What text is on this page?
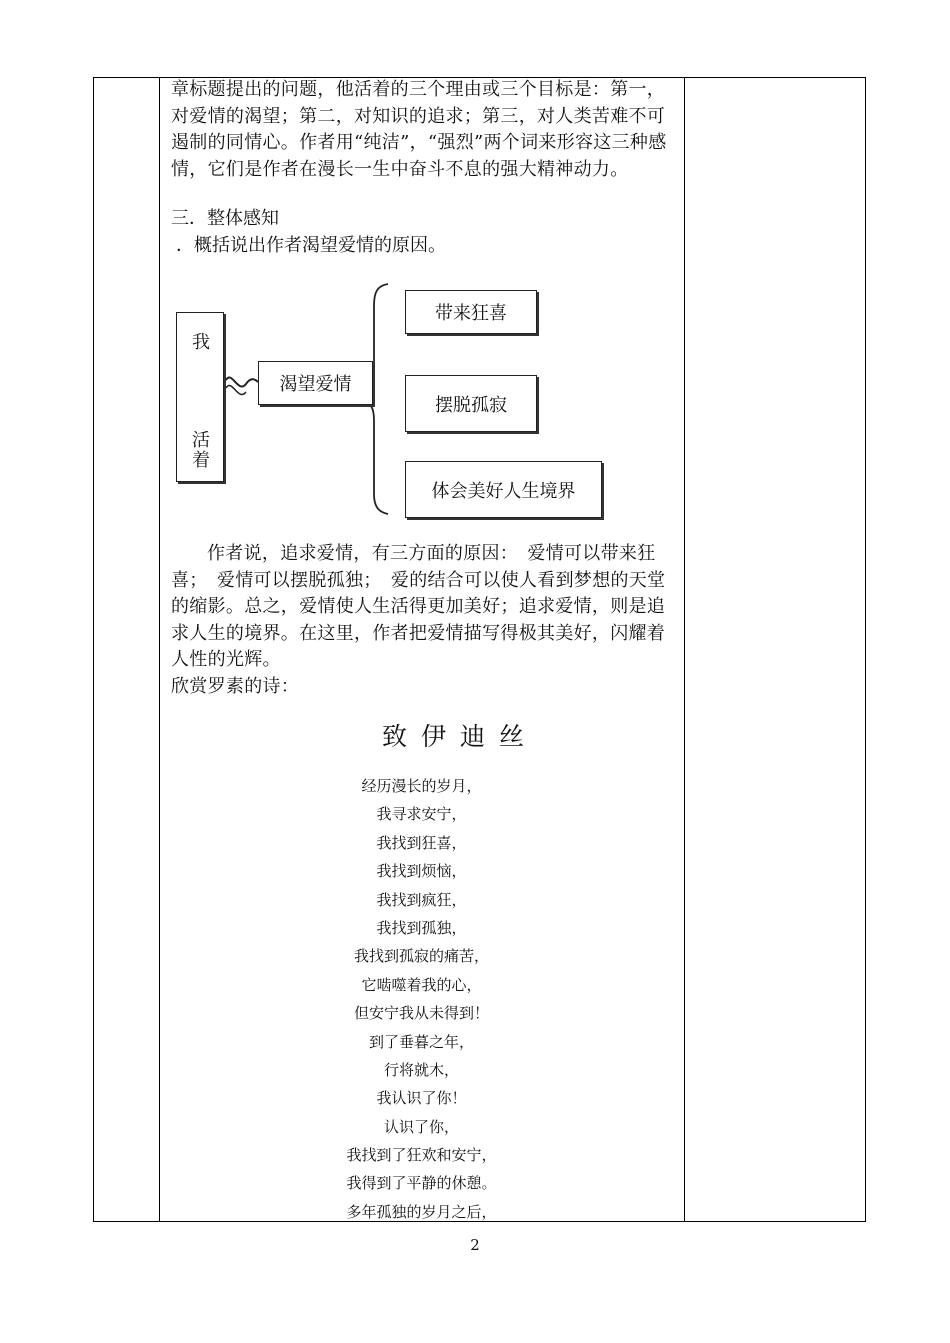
章标题提出的问题，他活着的三个理由或三个目标是：第一，对爱情的渴望；第二，对知识的追求；第三，对人类苦难不可遏制的同情心。作者用“纯洁”，“强烈”两个词来形容这三种感情，它们是作者在漫长一生中奋斗不息的强大精神动力。

三．整体感知
．概括说出作者渴望爱情的原因。
我
活
着
渴望爱情
带来狂喜
摆脱孤寂
体会美好人生境界

作者说，追求爱情，有三方面的原因：　爱情可以带来狂喜；　爱情可以摆脱孤独；　爱的结合可以使人看到梦想的天堂的缩影。总之，爱情使人生活得更加美好；追求爱情，则是追求人生的境界。在这里，作者把爱情描写得极其美好，闪耀着人性的光辉。

欣赏罗素的诗：

致伊迪丝
经历漫长的岁月，
我寻求安宁，
我找到狂喜，
我找到烦恼，
我找到疯狂，
我找到孤独，
我找到孤寂的痛苦，
它啮噬着我的心，
但安宁我从未得到！
到了垂暮之年，
行将就木，
我认识了你！
认识了你，
我找到了狂欢和安宁，
我得到了平静的休憩。
多年孤独的岁月之后，
2
